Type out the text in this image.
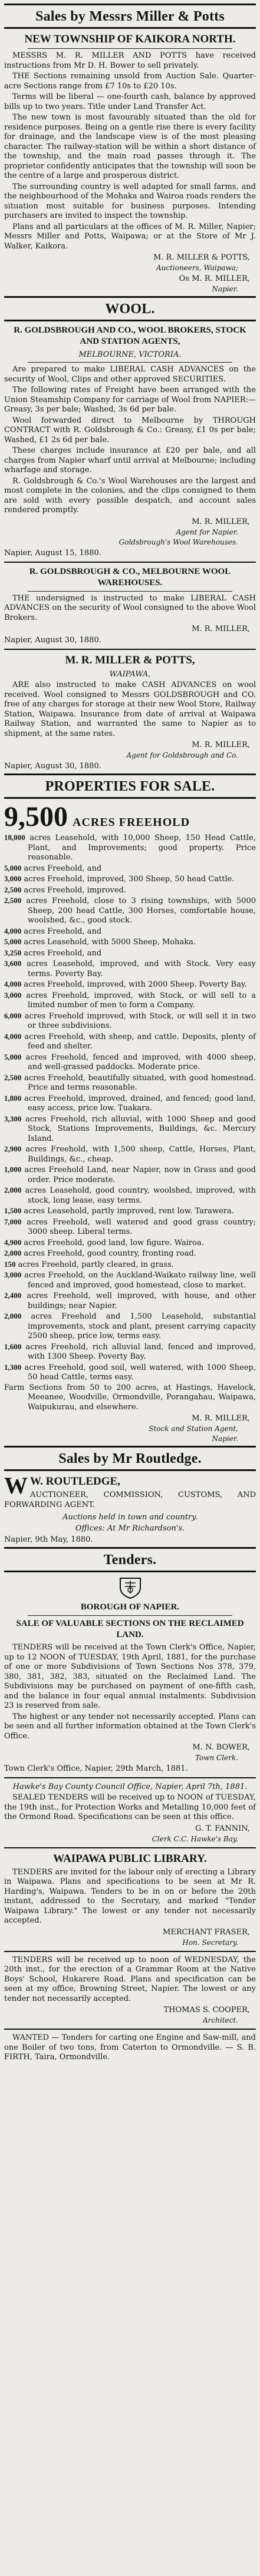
Sales by Messrs Miller & Potts
NEW TOWNSHIP OF KAIKORA NORTH.
MESSRS M. R. MILLER AND POTTS have received instructions from Mr D. H. Bower to sell privately.
THE Sections remaining unsold from Auction Sale. Quarter-acre Sections range from £7 10s to £20 10s.
Terms will be liberal — one-fourth cash, balance by approved bills up to two years. Title under Land Transfer Act.
The new town is most favourably situated than the old for residence purposes. Being on a gentle rise there is every facility for drainage, and the landscape view is of the most pleasing character. The railway-station will be within a short distance of the township, and the main road passes through it. The proprietor confidently anticipates that the township will soon be the centre of a large and prosperous district.
The surrounding country is well adapted for small farms, and the neighbourhood of the Mohaka and Wairoa roads renders the situation most suitable for business purposes. Intending purchasers are invited to inspect the township.
Plans and all particulars at the offices of M. R. Miller, Napier; Messrs Miller and Potts, Waipawa; or at the Store of Mr J. Walker, Kaikora.
M. R. MILLER & POTTS,
Auctioneers, Waipawa;
Or M. R. MILLER,
Napier.
WOOL.
R. GOLDSBROUGH AND CO., WOOL BROKERS, STOCK AND STATION AGENTS,
MELBOURNE, VICTORIA.
Are prepared to make LIBERAL CASH ADVANCES on the security of Wool, Clips and other approved SECURITIES.
The following rates of Freight have been arranged with the Union Steamship Company for carriage of Wool from NAPIER:— Greasy, 3s per bale; Washed, 3s 6d per bale.
Wool forwarded direct to Melbourne by THROUGH CONTRACT with R. Goldsbrough & Co.: Greasy, £1 0s per bale; Washed, £1 2s 6d per bale.
These charges include insurance at £20 per bale, and all charges from Napier wharf until arrival at Melbourne; including wharfage and storage.
R. Goldsbrough & Co.'s Wool Warehouses are the largest and most complete in the colonies, and the clips consigned to them are sold with every possible despatch, and account sales rendered promptly.
M. R. MILLER,
Agent for Napier.
Goldsbrough's Wool Warehouses.
Napier, August 15, 1880.
R. GOLDSBROUGH & CO., MELBOURNE WOOL WAREHOUSES.
THE undersigned is instructed to make LIBERAL CASH ADVANCES on the security of Wool consigned to the above Wool Brokers.
M. R. MILLER,
Napier, August 30, 1880.
M. R. MILLER & POTTS,
WAIPAWA,
ARE also instructed to make CASH ADVANCES on wool received. Wool consigned to Messrs GOLDSBROUGH and CO. free of any charges for storage at their new Wool Store, Railway Station, Waipawa. Insurance from date of arrival at Waipawa Railway Station, and warranted the same to Napier as to shipment, at the same rates.
M. R. MILLER,
Agent for Goldsbrough and Co.
Napier, August 30, 1880.
PROPERTIES FOR SALE.
9,500 ACRES FREEHOLD
18,000 acres Leasehold, with 10,000 Sheep, 150 Head Cattle, Plant, and Improvements; good property. Price reasonable.
5,000 acres Freehold, and
3,000 acres Freehold, improved, 300 Sheep, 50 head Cattle.
2,500 acres Freehold, improved.
2,500 acres Freehold, close to 3 rising townships, with 5000 Sheep, 200 head Cattle, 300 Horses, comfortable house, woolshed, &c., good stock.
4,000 acres Freehold, and
5,000 acres Leasehold, with 5000 Sheep, Mohaka.
3,250 acres Freehold, and
3,600 acres Leasehold, improved, and with Stock. Very easy terms. Poverty Bay.
4,000 acres Freehold, improved, with 2000 Sheep. Poverty Bay.
3,000 acres Freehold, improved, with Stock, or will sell to a limited number of men to form a Company.
6,000 acres Freehold improved, with Stock, or will sell it in two or three subdivisions.
4,000 acres Freehold, with sheep, and cattle. Deposits, plenty of feed and shelter.
5,000 acres Freehold, fenced and improved, with 4000 sheep, and well-grassed paddocks. Moderate price.
2,500 acres Freehold, beautifully situated, with good homestead. Price and terms reasonable.
1,800 acres Freehold, improved, drained, and fenced; good land, easy access, price low. Tuakara.
3,300 acres Freehold, rich alluvial, with 1000 Sheep and good Stock, Stations Improvements, Buildings, &c. Mercury Island.
2,900 acres Freehold, with 1,500 sheep, Cattle, Horses, Plant, Buildings, &c., cheap.
1,000 acres Freehold Land, near Napier, now in Grass and good order. Price moderate.
2,000 acres Leasehold, good country, woolshed, improved, with stock, long lease, easy terms.
1,500 acres Leasehold, partly improved, rent low. Tarawera.
7,000 acres Freehold, well watered and good grass country; 3000 sheep. Liberal terms.
4,900 acres Freehold, good land, low figure. Wairoa.
2,000 acres Freehold, good country, fronting road.
150 acres Freehold, partly cleared, in grass.
3,000 acres Freehold, on the Auckland-Waikato railway line, well fenced and improved, good homestead, close to market.
2,400 acres Freehold, well improved, with house, and other buildings; near Napier.
2,000 acres Freehold and 1,500 Leasehold, substantial improvements, stock and plant, present carrying capacity 2500 sheep, price low, terms easy.
1,600 acres Freehold, rich alluvial land, fenced and improved, with 1300 Sheep. Poverty Bay.
1,300 acres Freehold, good soil, well watered, with 1000 Sheep, 50 head Cattle, terms easy.
Farm Sections from 50 to 200 acres, at Hastings, Havelock, Meeanee, Woodville, Ormondville, Porangahau, Waipawa, Waipukurau, and elsewhere.
M. R. MILLER,
Stock and Station Agent,
Napier.
Sales by Mr Routledge.
W W. ROUTLEDGE,
AUCTIONEER, COMMISSION, CUSTOMS, AND FORWARDING AGENT.
Auctions held in town and country.
Offices: At Mr Richardson's.
Napier, 9th May, 1880.
Tenders.
BOROUGH OF NAPIER.
SALE OF VALUABLE SECTIONS ON THE RECLAIMED LAND.
TENDERS will be received at the Town Clerk's Office, Napier, up to 12 NOON of TUESDAY, 19th April, 1881, for the purchase of one or more Subdivisions of Town Sections Nos 378, 379, 380, 381, 382, 383, situated on the Reclaimed Land. The Subdivisions may be purchased on payment of one-fifth cash, and the balance in four equal annual instalments. Subdivision 23 is reserved from sale.
The highest or any tender not necessarily accepted. Plans can be seen and all further information obtained at the Town Clerk's Office.
M. N. BOWER,
Town Clerk.
Town Clerk's Office, Napier, 29th March, 1881.
Hawke's Bay County Council Office, Napier, April 7th, 1881.
SEALED TENDERS will be received up to NOON of TUESDAY, the 19th inst., for Protection Works and Metalling 10,000 feet of the Ormond Road. Specifications can be seen at this office.
G. T. FANNIN,
Clerk C.C. Hawke's Bay.
WAIPAWA PUBLIC LIBRARY.
TENDERS are invited for the labour only of erecting a Library in Waipawa. Plans and specifications to be seen at Mr R. Harding's, Waipawa. Tenders to be in on or before the 20th instant, addressed to the Secretary, and marked "Tender Waipawa Library." The lowest or any tender not necessarily accepted.
MERCHANT FRASER,
Hon. Secretary.
TENDERS will be received up to noon of WEDNESDAY, the 20th inst., for the erection of a Grammar Room at the Native Boys' School, Hukarere Road. Plans and specification can be seen at my office, Browning Street, Napier. The lowest or any tender not necessarily accepted.
THOMAS S. COOPER,
Architect.
WANTED — Tenders for carting one Engine and Saw-mill, and one Boiler of two tons, from Caterton to Ormondville. — S. B. FIRTH, Taira, Ormondville.
